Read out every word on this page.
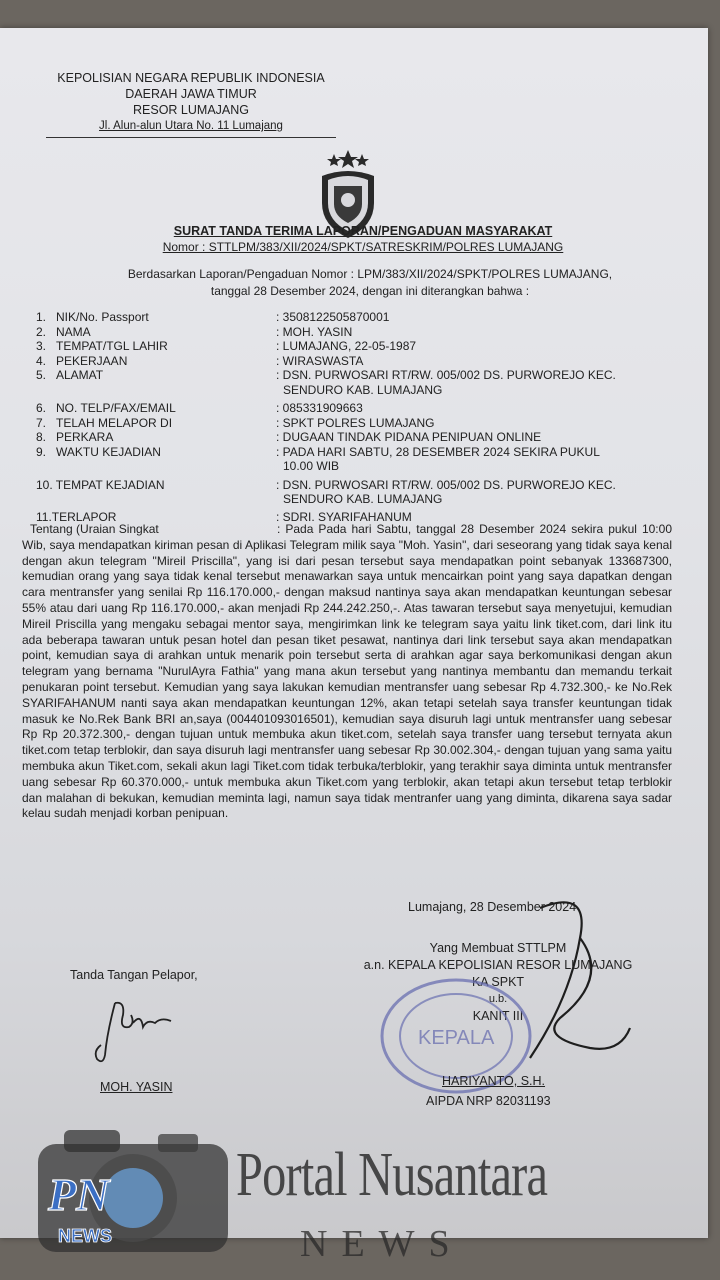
KEPOLISIAN NEGARA REPUBLIK INDONESIA
DAERAH JAWA TIMUR
RESOR LUMAJANG
Jl. Alun-alun Utara No. 11 Lumajang
SURAT TANDA TERIMA LAPORAN/PENGADUAN MASYARAKAT
Nomor : STTLPM/383/XII/2024/SPKT/SATRESKRIM/POLRES LUMAJANG
Berdasarkan Laporan/Pengaduan Nomor : LPM/383/XII/2024/SPKT/POLRES LUMAJANG,
tanggal 28 Desember 2024, dengan ini diterangkan bahwa :
1. NIK/No. Passport	: 3508122505870001
2. NAMA	: MOH. YASIN
3. TEMPAT/TGL LAHIR	: LUMAJANG, 22-05-1987
4. PEKERJAAN	: WIRASWASTA
5. ALAMAT	: DSN. PURWOSARI RT/RW. 005/002 DS. PURWOREJO KEC.
SENDURO KAB. LUMAJANG
6. NO. TELP/FAX/EMAIL	: 085331909663
7. TELAH MELAPOR DI	: SPKT POLRES LUMAJANG
8. PERKARA	: DUGAAN TINDAK PIDANA PENIPUAN ONLINE
9. WAKTU KEJADIAN	: PADA HARI SABTU, 28 DESEMBER 2024 SEKIRA PUKUL
10.00 WIB
10. TEMPAT KEJADIAN	: DSN. PURWOSARI RT/RW. 005/002 DS. PURWOREJO KEC.
SENDURO KAB. LUMAJANG
11.TERLAPOR	: SDRI. SYARIFAHANUM
Tentang (Uraian Singkat	: Pada Pada hari Sabtu, tanggal 28 Desember 2024 sekira pukul 10:00 Wib, saya mendapatkan kiriman pesan di Aplikasi Telegram milik saya "Moh. Yasin", dari seseorang yang tidak saya kenal dengan akun telegram "Mireil Priscilla", yang isi dari pesan tersebut saya mendapatkan point sebanyak 133687300, kemudian orang yang saya tidak kenal tersebut menawarkan saya untuk mencairkan point yang saya dapatkan dengan cara mentransfer yang senilai Rp 116.170.000,- dengan maksud nantinya saya akan mendapatkan keuntungan sebesar 55% atau dari uang Rp 116.170.000,- akan menjadi Rp 244.242.250,-. Atas tawaran tersebut saya menyetujui, kemudian Mireil Priscilla yang mengaku sebagai mentor saya, mengirimkan link ke telegram saya yaitu link tiket.com, dari link itu ada beberapa tawaran untuk pesan hotel dan pesan tiket pesawat, nantinya dari link tersebut saya akan mendapatkan point, kemudian saya di arahkan untuk menarik poin tersebut serta di arahkan agar saya berkomunikasi dengan akun telegram yang bernama "NurulAyra Fathia" yang mana akun tersebut yang nantinya membantu dan memandu terkait penukaran point tersebut. Kemudian yang saya lakukan kemudian mentransfer uang sebesar Rp 4.732.300,- ke No.Rek SYARIFAHANUM nanti saya akan mendapatkan keuntungan 12%, akan tetapi setelah saya transfer keuntungan tidak masuk ke No.Rek Bank BRI an,saya (004401093016501), kemudian saya disuruh lagi untuk mentransfer uang sebesar Rp Rp 20.372.300,- dengan tujuan untuk membuka akun tiket.com, setelah saya transfer uang tersebut ternyata akun tiket.com tetap terblokir, dan saya disuruh lagi mentransfer uang sebesar Rp 30.002.304,- dengan tujuan yang sama yaitu membuka akun Tiket.com, sekali akun lagi Tiket.com tidak terbuka/terblokir, yang terakhir saya diminta untuk mentransfer uang sebesar Rp 60.370.000,- untuk membuka akun Tiket.com yang terblokir, akan tetapi akun tersebut tetap terblokir dan malahan di bekukan, kemudian meminta lagi, namun saya tidak mentranfer uang yang diminta, dikarena saya sadar kelau sudah menjadi korban penipuan.
Lumajang, 28 Desember 2024
Yang Membuat STTLPM
a.n. KEPALA KEPOLISIAN RESOR LUMAJANG
KA SPKT
u.b.
KANIT III
Tanda Tangan Pelapor,
MOH. YASIN
KEPALA
HARIYANTO, S.H.
AIPDA NRP 82031193
PN
NEWS
Portal Nusantara
NEWS
